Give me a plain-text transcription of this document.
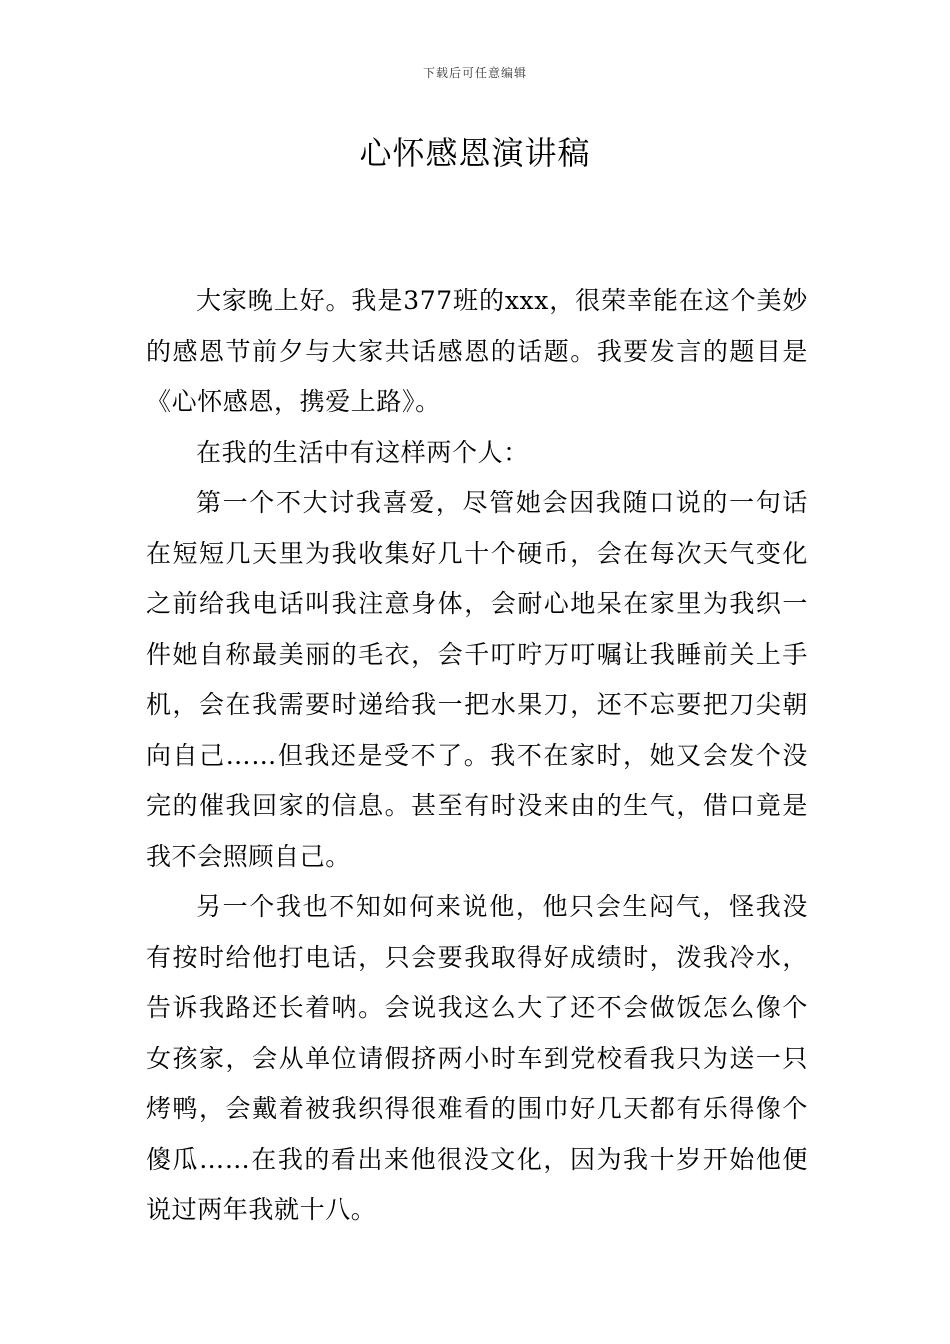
下载后可任意编辑
心怀感恩演讲稿

大家晚上好。我是377班的xxx，很荣幸能在这个美妙的感恩节前夕与大家共话感恩的话题。我要发言的题目是《心怀感恩，携爱上路》。

在我的生活中有这样两个人：

第一个不大讨我喜爱，尽管她会因我随口说的一句话在短短几天里为我收集好几十个硬币，会在每次天气变化之前给我电话叫我注意身体，会耐心地呆在家里为我织一件她自称最美丽的毛衣，会千叮咛万叮嘱让我睡前关上手机，会在我需要时递给我一把水果刀，还不忘要把刀尖朝向自己……但我还是受不了。我不在家时，她又会发个没完的催我回家的信息。甚至有时没来由的生气，借口竟是我不会照顾自己。

另一个我也不知如何来说他，他只会生闷气，怪我没有按时给他打电话，只会要我取得好成绩时，泼我冷水，告诉我路还长着呐。会说我这么大了还不会做饭怎么像个女孩家，会从单位请假挤两小时车到党校看我只为送一只烤鸭，会戴着被我织得很难看的围巾好几天都有乐得像个傻瓜……在我的看出来他很没文化，因为我十岁开始他便说过两年我就十八。
